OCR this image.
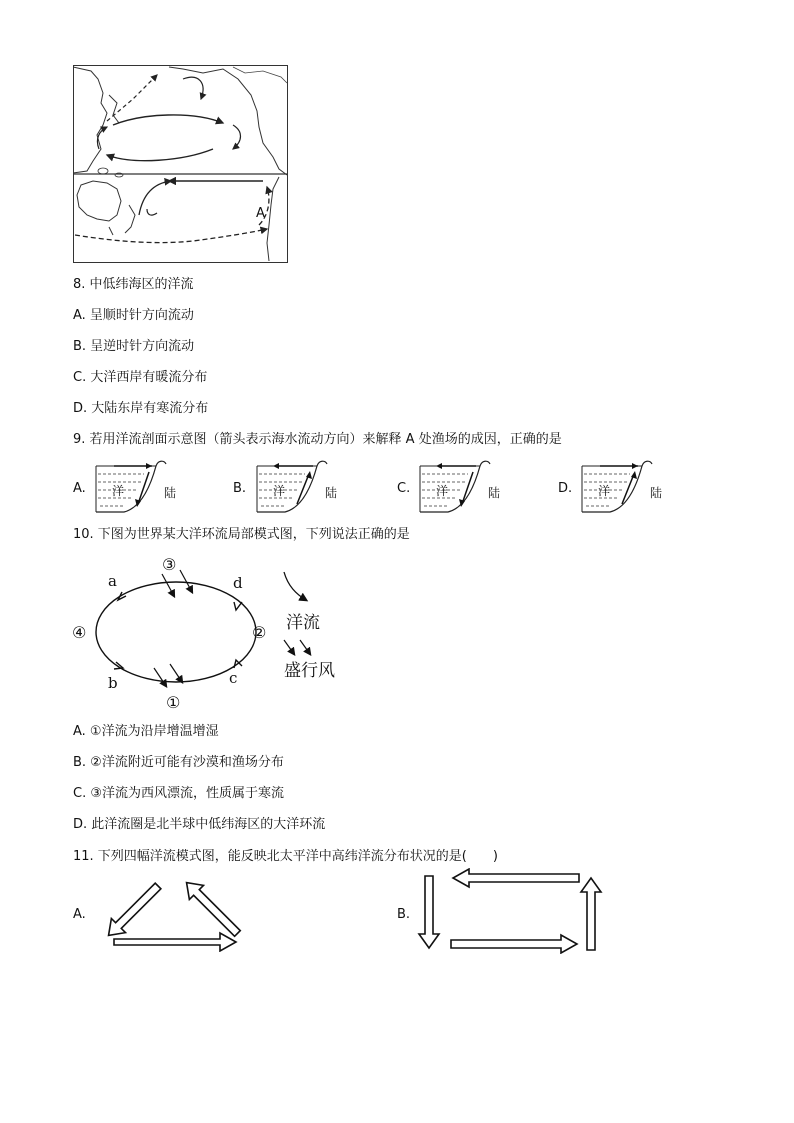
A
8. 中低纬海区的洋流
A. 呈顺时针方向流动
B. 呈逆时针方向流动
C. 大洋西岸有暖流分布
D. 大陆东岸有寒流分布
9. 若用洋流剖面示意图（箭头表示海水流动方向）来解释 A 处渔场的成因，正确的是
A.	B.	C.	D.
洋	陆	洋	陆	洋	陆	洋	陆
10. 下图为世界某大洋环流局部模式图，下列说法正确的是
a	d
b	c
③
②
④
①
洋流
盛行风
A. ①洋流为沿岸增温增湿
B. ②洋流附近可能有沙漠和渔场分布
C. ③洋流为西风漂流，性质属于寒流
D. 此洋流圈是北半球中低纬海区的大洋环流
11. 下列四幅洋流模式图，能反映北太平洋中高纬洋流分布状况的是(　　)
A.	B.
